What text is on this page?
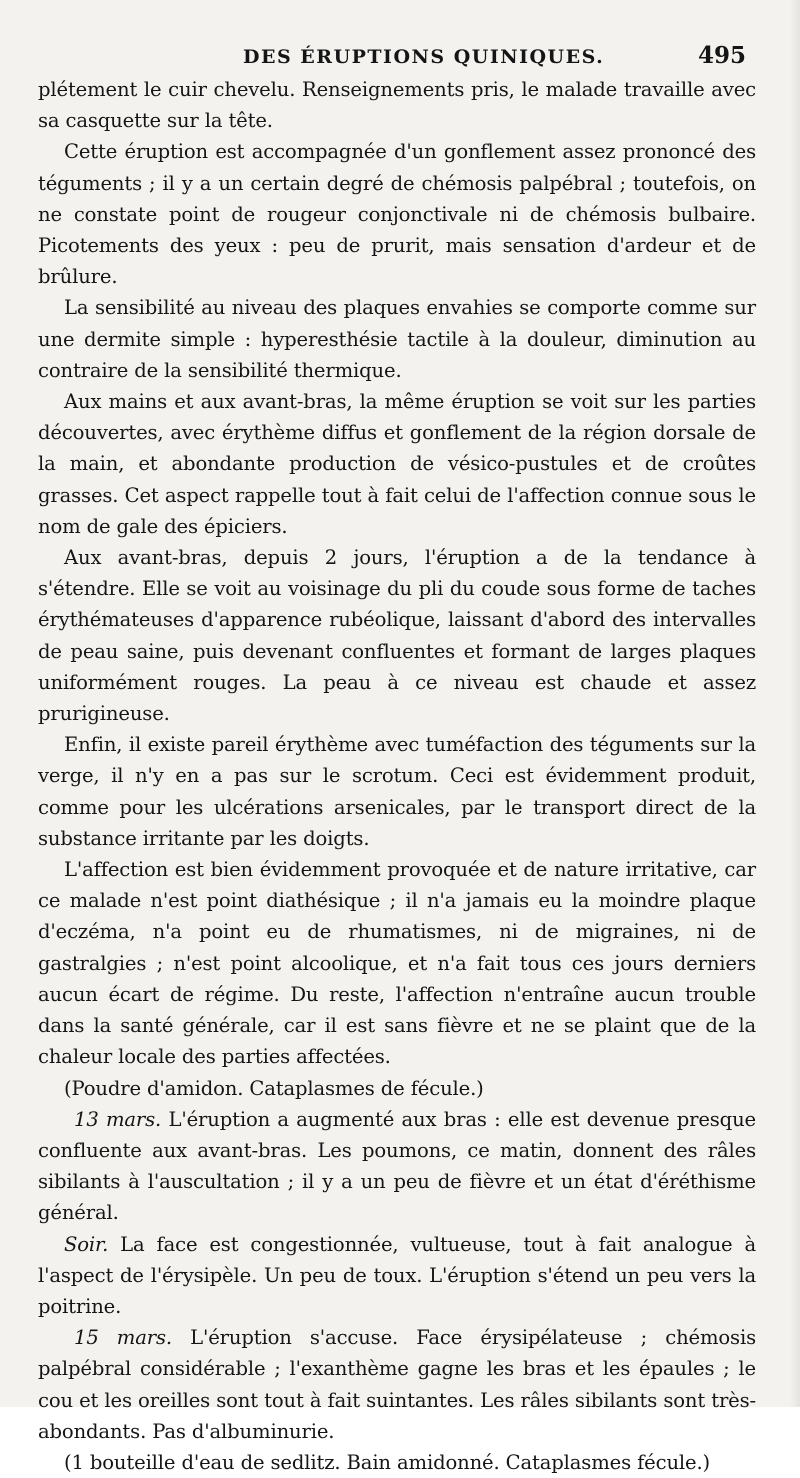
DES ÉRUPTIONS QUINIQUES.	495

plétement le cuir chevelu. Renseignements pris, le malade travaille avec sa casquette sur la tête.

Cette éruption est accompagnée d'un gonflement assez prononcé des téguments ; il y a un certain degré de chémosis palpébral ; toutefois, on ne constate point de rougeur conjonctivale ni de chémosis bulbaire. Picotements des yeux : peu de prurit, mais sensation d'ardeur et de brûlure.

La sensibilité au niveau des plaques envahies se comporte comme sur une dermite simple : hyperesthésie tactile à la douleur, diminution au contraire de la sensibilité thermique.

Aux mains et aux avant-bras, la même éruption se voit sur les parties découvertes, avec érythème diffus et gonflement de la région dorsale de la main, et abondante production de vésico-pustules et de croûtes grasses. Cet aspect rappelle tout à fait celui de l'affection connue sous le nom de gale des épiciers.

Aux avant-bras, depuis 2 jours, l'éruption a de la tendance à s'étendre. Elle se voit au voisinage du pli du coude sous forme de taches érythémateuses d'apparence rubéolique, laissant d'abord des intervalles de peau saine, puis devenant confluentes et formant de larges plaques uniformément rouges. La peau à ce niveau est chaude et assez prurigineuse.

Enfin, il existe pareil érythème avec tuméfaction des téguments sur la verge, il n'y en a pas sur le scrotum. Ceci est évidemment produit, comme pour les ulcérations arsenicales, par le transport direct de la substance irritante par les doigts.

L'affection est bien évidemment provoquée et de nature irritative, car ce malade n'est point diathésique ; il n'a jamais eu la moindre plaque d'eczéma, n'a point eu de rhumatismes, ni de migraines, ni de gastralgies ; n'est point alcoolique, et n'a fait tous ces jours derniers aucun écart de régime. Du reste, l'affection n'entraîne aucun trouble dans la santé générale, car il est sans fièvre et ne se plaint que de la chaleur locale des parties affectées.

(Poudre d'amidon. Cataplasmes de fécule.)

13 mars. L'éruption a augmenté aux bras : elle est devenue presque confluente aux avant-bras. Les poumons, ce matin, donnent des râles sibilants à l'auscultation ; il y a un peu de fièvre et un état d'éréthisme général.

Soir. La face est congestionnée, vultueuse, tout à fait analogue à l'aspect de l'érysipèle. Un peu de toux. L'éruption s'étend un peu vers la poitrine.

15 mars. L'éruption s'accuse. Face érysipélateuse ; chémosis palpébral considérable ; l'exanthème gagne les bras et les épaules ; le cou et les oreilles sont tout à fait suintantes. Les râles sibilants sont très-abondants. Pas d'albuminurie.

(1 bouteille d'eau de sedlitz. Bain amidonné. Cataplasmes fécule.)
